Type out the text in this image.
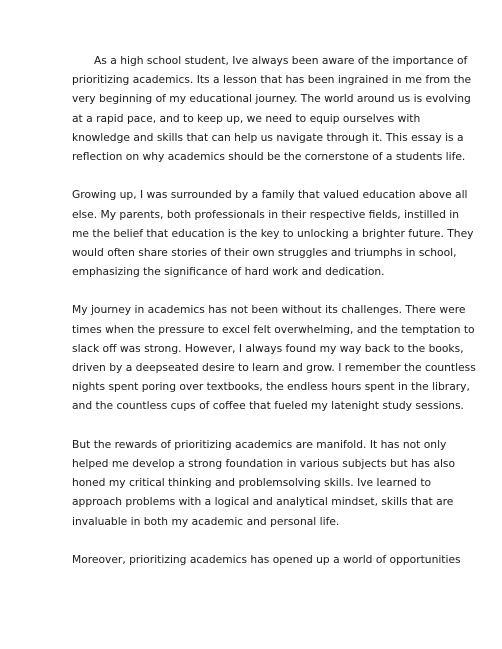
As a high school student, Ive always been aware of the importance of
prioritizing academics. Its a lesson that has been ingrained in me from the
very beginning of my educational journey. The world around us is evolving
at a rapid pace, and to keep up, we need to equip ourselves with
knowledge and skills that can help us navigate through it. This essay is a
reflection on why academics should be the cornerstone of a students life.

Growing up, I was surrounded by a family that valued education above all
else. My parents, both professionals in their respective fields, instilled in
me the belief that education is the key to unlocking a brighter future. They
would often share stories of their own struggles and triumphs in school,
emphasizing the significance of hard work and dedication.

My journey in academics has not been without its challenges. There were
times when the pressure to excel felt overwhelming, and the temptation to
slack off was strong. However, I always found my way back to the books,
driven by a deepseated desire to learn and grow. I remember the countless
nights spent poring over textbooks, the endless hours spent in the library,
and the countless cups of coffee that fueled my latenight study sessions.

But the rewards of prioritizing academics are manifold. It has not only
helped me develop a strong foundation in various subjects but has also
honed my critical thinking and problemsolving skills. Ive learned to
approach problems with a logical and analytical mindset, skills that are
invaluable in both my academic and personal life.

Moreover, prioritizing academics has opened up a world of opportunities
